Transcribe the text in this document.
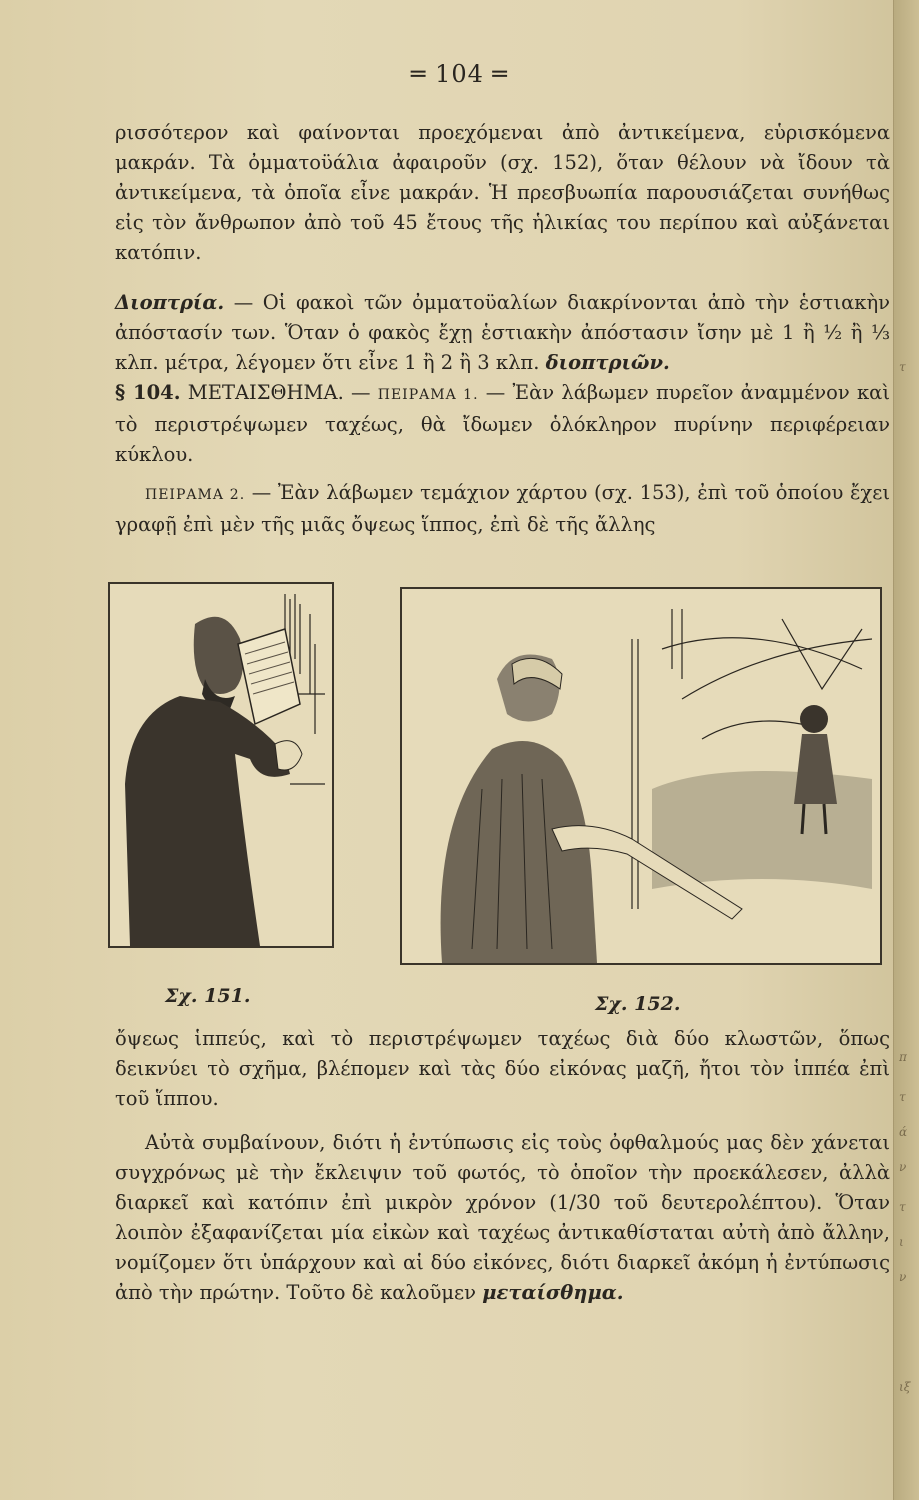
τ
π
τ
ά
ν
τ
ι
ν
ιξ
═ 104 ═
ρισσότερον καὶ φαίνονται προεχόμεναι ἀπὸ ἀντικείμενα, εὑρισκόμενα μακράν. Τὰ ὀμματοϋάλια ἀφαιροῦν (σχ. 152), ὅταν θέλουν νὰ ἴδουν τὰ ἀντικείμενα, τὰ ὁποῖα εἶνε μακράν. Ἡ πρεσβυωπία παρουσιάζεται συνήθως εἰς τὸν ἄνθρωπον ἀπὸ τοῦ 45 ἔτους τῆς ἡλικίας του περίπου καὶ αὐξάνεται κατόπιν.
Διοπτρία. — Οἱ φακοὶ τῶν ὀμματοϋαλίων διακρίνονται ἀπὸ τὴν ἑστιακὴν ἀπόστασίν των. Ὅταν ὁ φακὸς ἔχῃ ἑστιακὴν ἀπόστασιν ἴσην μὲ 1 ἢ ½ ἢ ⅓ κλπ. μέτρα, λέγομεν ὅτι εἶνε 1 ἢ 2 ἢ 3 κλπ. διοπτριῶν.
§ 104. ΜΕΤΑΙΣΘΗΜΑ. — ΠΕΙΡΑΜΑ 1. — Ἐὰν λάβωμεν πυρεῖον ἀναμμένον καὶ τὸ περιστρέψωμεν ταχέως, θὰ ἴδωμεν ὁλόκληρον πυρίνην περιφέρειαν κύκλου.
ΠΕΙΡΑΜΑ 2. — Ἐὰν λάβωμεν τεμάχιον χάρτου (σχ. 153), ἐπὶ τοῦ ὁποίου ἔχει γραφῇ ἐπὶ μὲν τῆς μιᾶς ὄψεως ἵππος, ἐπὶ δὲ τῆς ἄλλης
Σχ. 151.	Σχ. 152.
ὄψεως ἱππεύς, καὶ τὸ περιστρέψωμεν ταχέως διὰ δύο κλωστῶν, ὅπως δεικνύει τὸ σχῆμα, βλέπομεν καὶ τὰς δύο εἰκόνας μαζῆ, ἤτοι τὸν ἱππέα ἐπὶ τοῦ ἵππου.
Αὐτὰ συμβαίνουν, διότι ἡ ἐντύπωσις εἰς τοὺς ὀφθαλμούς μας δὲν χάνεται συγχρόνως μὲ τὴν ἔκλειψιν τοῦ φωτός, τὸ ὁποῖον τὴν προεκάλεσεν, ἀλλὰ διαρκεῖ καὶ κατόπιν ἐπὶ μικρὸν χρόνον (1/30 τοῦ δευτερολέπτου). Ὅταν λοιπὸν ἐξαφανίζεται μία εἰκὼν καὶ ταχέως ἀντικαθίσταται αὐτὴ ἀπὸ ἄλλην, νομίζομεν ὅτι ὑπάρχουν καὶ αἱ δύο εἰκόνες, διότι διαρκεῖ ἀκόμη ἡ ἐντύπωσις ἀπὸ τὴν πρώτην. Τοῦτο δὲ καλοῦμεν μεταίσθημα.
